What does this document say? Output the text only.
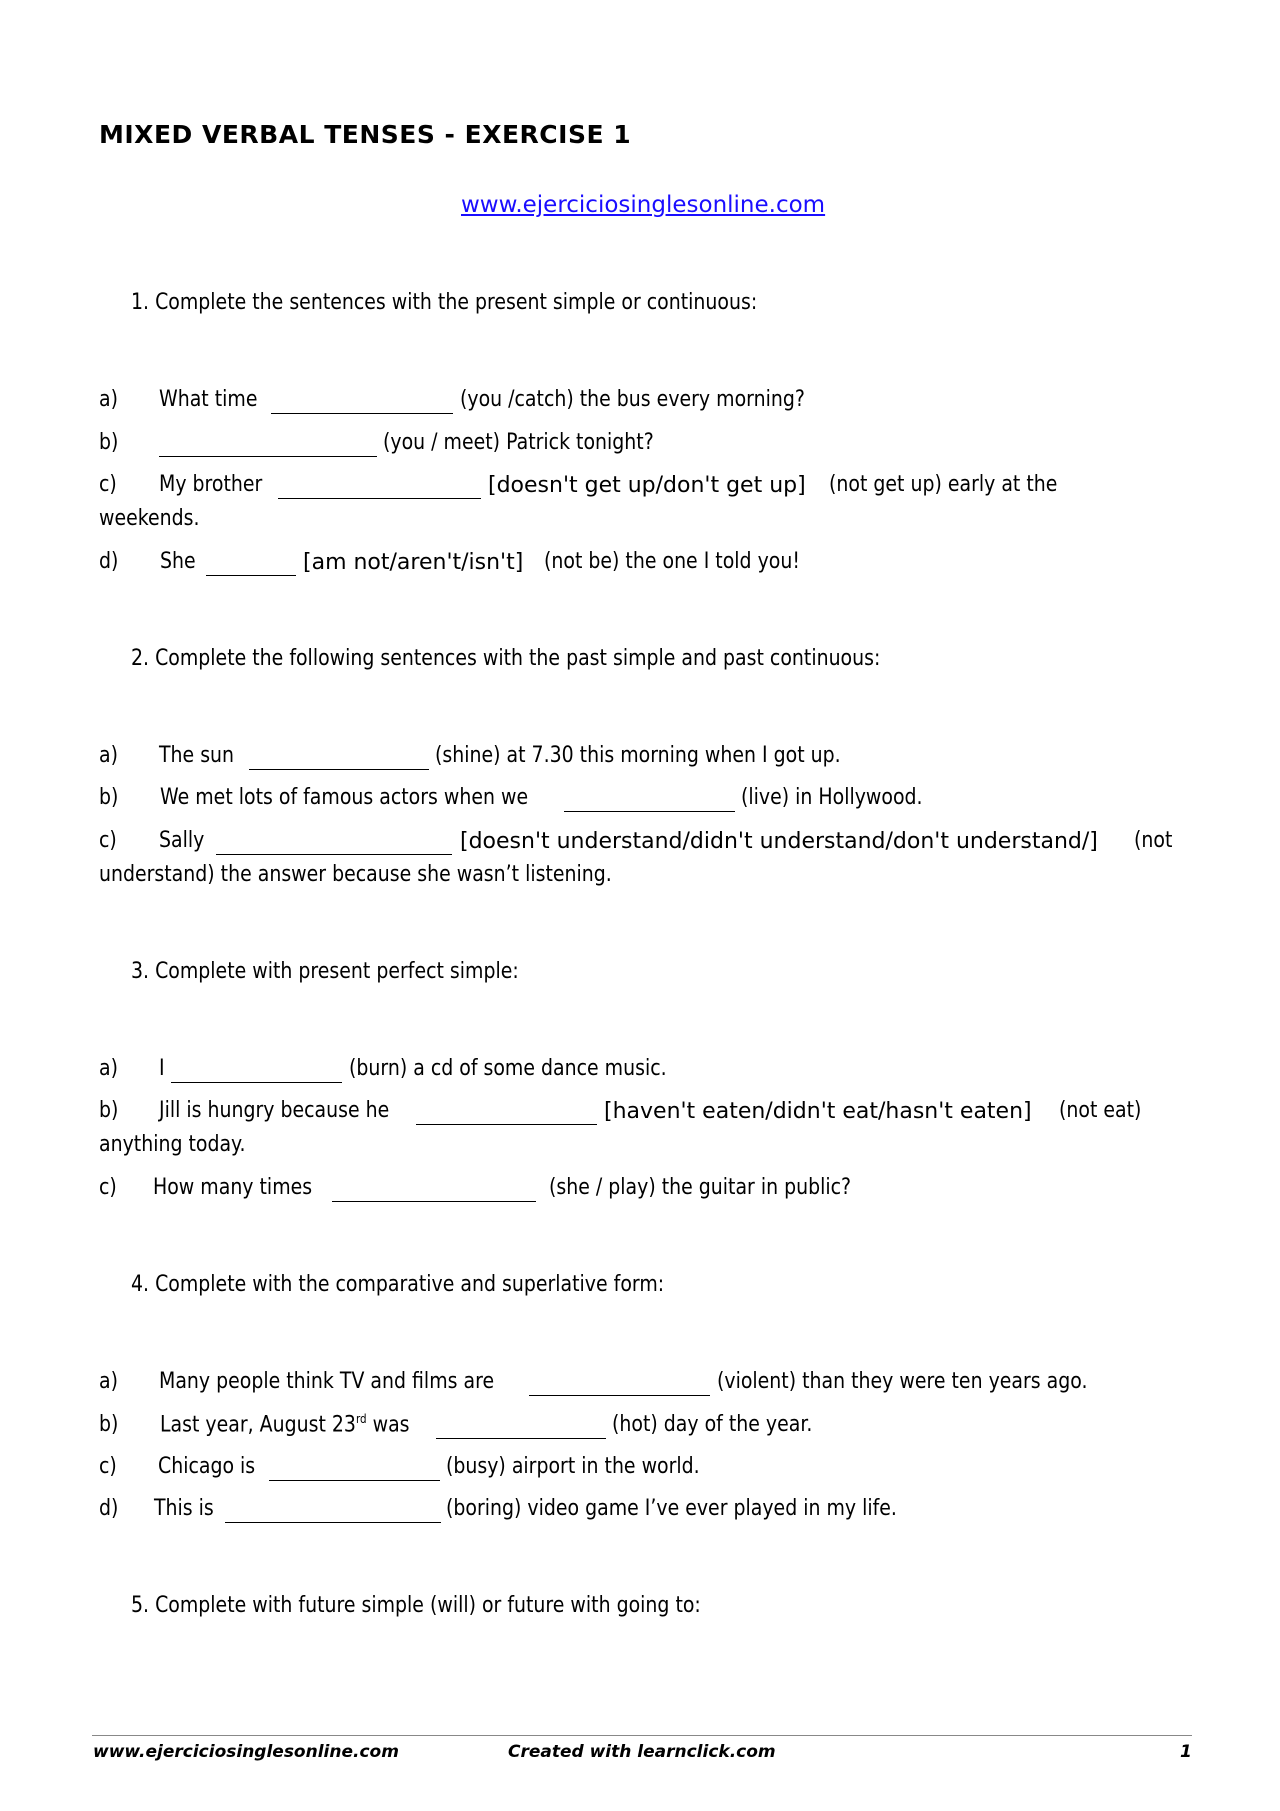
MIXED VERBAL TENSES - EXERCISE 1
www.ejerciciosinglesonline.com
1. Complete the sentences with the present simple or continuous:
a) What time	(you /catch) the bus every morning?
b)	(you / meet) Patrick tonight?
c) My brother	[doesn't get up/don't get up] (not get up) early at the
weekends.
d) She	[am not/aren't/isn't] (not be) the one I told you!
2. Complete the following sentences with the past simple and past continuous:
a) The sun	(shine) at 7.30 this morning when I got up.
b) We met lots of famous actors when we	(live) in Hollywood.
c) Sally	[doesn't understand/didn't understand/don't understand/] (not
understand) the answer because she wasn’t listening.
3. Complete with present perfect simple:
a) I	(burn) a cd of some dance music.
b) Jill is hungry because he	[haven't eaten/didn't eat/hasn't eaten] (not eat)
anything today.
c) How many times	(she / play) the guitar in public?
4. Complete with the comparative and superlative form:
a) Many people think TV and films are	(violent) than they were ten years ago.
b) Last year, August 23rd was	(hot) day of the year.
c) Chicago is	(busy) airport in the world.
d) This is	(boring) video game I’ve ever played in my life.
5. Complete with future simple (will) or future with going to:
www.ejerciciosinglesonline.com	Created with learnclick.com	1
